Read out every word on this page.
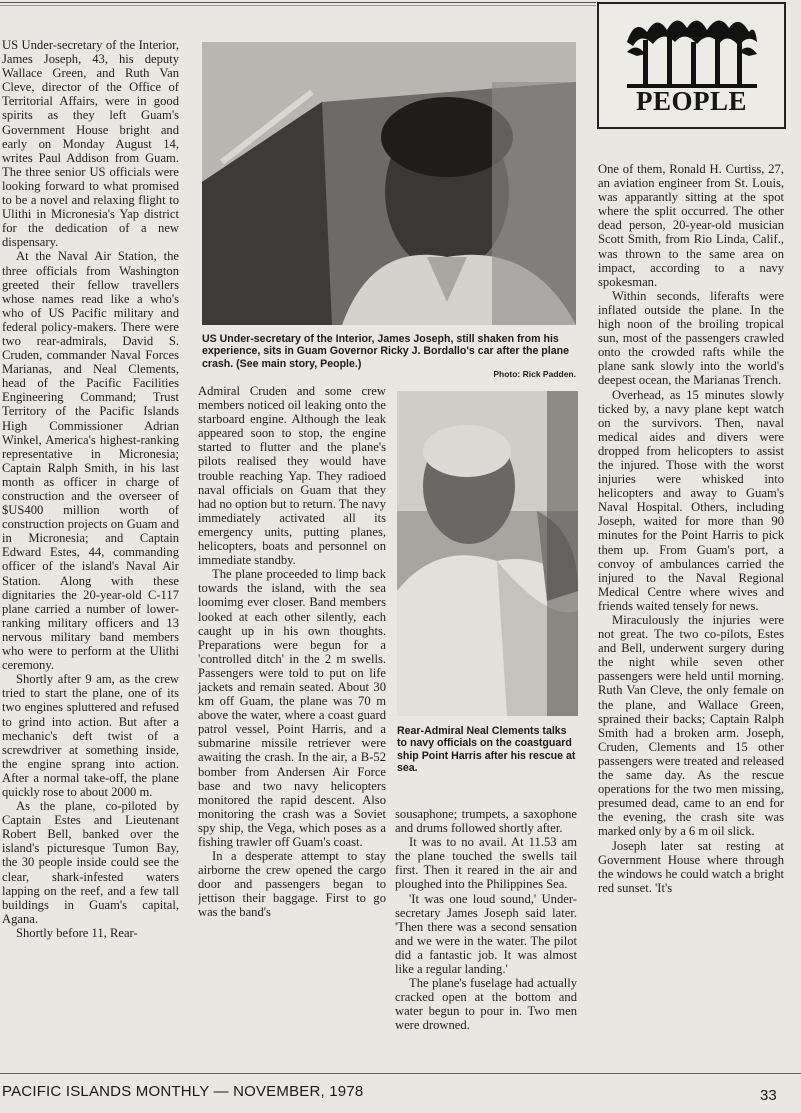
PEOPLE
US Under-secretary of the Interior, James Joseph, still shaken from his experience, sits in Guam Governor Ricky J. Bordallo's car after the plane crash. (See main story, People.)
Photo: Rick Padden.
Rear-Admiral Neal Clements talks to navy officials on the coastguard ship Point Harris after his rescue at sea.

US Under-secretary of the Interior, James Joseph, 43, his deputy Wallace Green, and Ruth Van Cleve, director of the Office of Territorial Affairs, were in good spirits as they left Guam's Government House bright and early on Monday August 14, writes Paul Addison from Guam. The three senior US officials were looking forward to what promised to be a novel and relaxing flight to Ulithi in Micronesia's Yap district for the dedication of a new dispensary.

At the Naval Air Station, the three officials from Washington greeted their fellow travellers whose names read like a who's who of US Pacific military and federal policy-makers. There were two rear-admirals, David S. Cruden, commander Naval Forces Marianas, and Neal Clements, head of the Pacific Facilities Engineering Command; Trust Territory of the Pacific Islands High Commissioner Adrian Winkel, America's highest-ranking representative in Micronesia; Captain Ralph Smith, in his last month as officer in charge of construction and the overseer of $US400 million worth of construction projects on Guam and in Micronesia; and Captain Edward Estes, 44, commanding officer of the island's Naval Air Station. Along with these dignitaries the 20-year-old C-117 plane carried a number of lower-ranking military officers and 13 nervous military band members who were to perform at the Ulithi ceremony.

Shortly after 9 am, as the crew tried to start the plane, one of its two engines spluttered and refused to grind into action. But after a mechanic's deft twist of a screwdriver at something inside, the engine sprang into action. After a normal take-off, the plane quickly rose to about 2000 m.

As the plane, co-piloted by Captain Estes and Lieutenant Robert Bell, banked over the island's picturesque Tumon Bay, the 30 people inside could see the clear, shark-infested waters lapping on the reef, and a few tall buildings in Guam's capital, Agana.

Shortly before 11, Rear-

Admiral Cruden and some crew members noticed oil leaking onto the starboard engine. Although the leak appeared soon to stop, the engine started to flutter and the plane's pilots realised they would have trouble reaching Yap. They radioed naval officials on Guam that they had no option but to return. The navy immediately activated all its emergency units, putting planes, helicopters, boats and personnel on immediate standby.

The plane proceeded to limp back towards the island, with the sea loomimg ever closer. Band members looked at each other silently, each caught up in his own thoughts. Preparations were begun for a 'controlled ditch' in the 2 m swells. Passengers were told to put on life jackets and remain seated. About 30 km off Guam, the plane was 70 m above the water, where a coast guard patrol vessel, Point Harris, and a submarine missile retriever were awaiting the crash. In the air, a B-52 bomber from Andersen Air Force base and two navy helicopters monitored the rapid descent. Also monitoring the crash was a Soviet spy ship, the Vega, which poses as a fishing trawler off Guam's coast.

In a desperate attempt to stay airborne the crew opened the cargo door and passengers began to jettison their baggage. First to go was the band's

sousaphone; trumpets, a saxophone and drums followed shortly after.

It was to no avail. At 11.53 am the plane touched the swells tail first. Then it reared in the air and ploughed into the Philippines Sea.

'It was one loud sound,' Under-secretary James Joseph said later. 'Then there was a second sensation and we were in the water. The pilot did a fantastic job. It was almost like a regular landing.'

The plane's fuselage had actually cracked open at the bottom and water begun to pour in. Two men were drowned.

One of them, Ronald H. Curtiss, 27, an aviation engineer from St. Louis, was apparantly sitting at the spot where the split occurred. The other dead person, 20-year-old musician Scott Smith, from Rio Linda, Calif., was thrown to the same area on impact, according to a navy spokesman.

Within seconds, liferafts were inflated outside the plane. In the high noon of the broiling tropical sun, most of the passengers crawled onto the crowded rafts while the plane sank slowly into the world's deepest ocean, the Marianas Trench.

Overhead, as 15 minutes slowly ticked by, a navy plane kept watch on the survivors. Then, naval medical aides and divers were dropped from helicopters to assist the injured. Those with the worst injuries were whisked into helicopters and away to Guam's Naval Hospital. Others, including Joseph, waited for more than 90 minutes for the Point Harris to pick them up. From Guam's port, a convoy of ambulances carried the injured to the Naval Regional Medical Centre where wives and friends waited tensely for news.

Miraculously the injuries were not great. The two co-pilots, Estes and Bell, underwent surgery during the night while seven other passengers were held until morning. Ruth Van Cleve, the only female on the plane, and Wallace Green, sprained their backs; Captain Ralph Smith had a broken arm. Joseph, Cruden, Clements and 15 other passengers were treated and released the same day. As the rescue operations for the two men missing, presumed dead, came to an end for the evening, the crash site was marked only by a 6 m oil slick.

Joseph later sat resting at Government House where through the windows he could watch a bright red sunset. 'It's

PACIFIC ISLANDS MONTHLY — NOVEMBER, 1978	33
